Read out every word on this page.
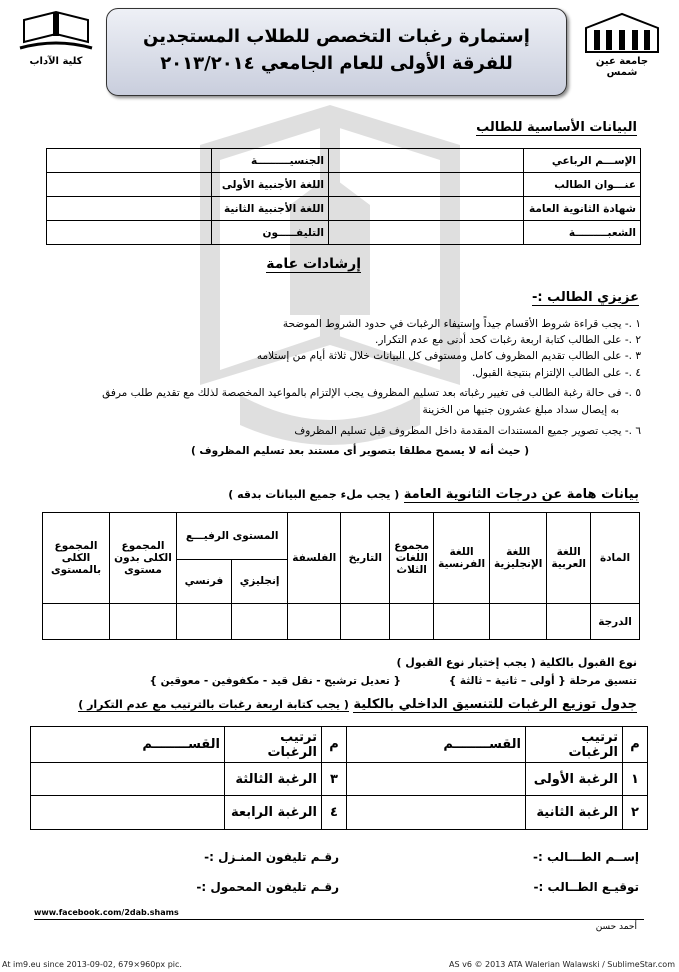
كلية الآداب	جامعة عين شمس
إستمارة رغبات التخصص للطلاب المستجدين
للفرقة الأولى للعام الجامعي ٢٠١٣/٢٠١٤
البيانات الأساسية للطالب
الإســـم الرباعي		الجنسيـــــــــة	
عنـــوان الطالب		اللغة الأجنبية الأولى	
شهادة الثانوية العامة		اللغة الأجنبية الثانية	
الشعبـــــــــة		التليفـــــون	
إرشادات عامة
عزيزي الطالب :-
١ .- يجب قراءة شروط الأقسام جيداً وإستيفاء الرغبات في حدود الشروط الموضحة
٢ .- على الطالب كتابة اربعة رغبات كحد أدنى مع عدم التكرار.
٣ .- على الطالب تقديم المظروف كامل ومستوفى كل البيانات خلال ثلاثة أيام من إستلامه
٤ .- على الطالب الإلتزام بنتيجة القبول.
٥ .- فى حالة رغبة الطالب فى تغيير رغباته بعد تسليم المظروف يجب الإلتزام بالمواعيد المخصصة لذلك مع تقديم طلب مرفق
به إيصال سداد مبلغ عشرون جنيها من الخزينة
٦ .- يجب تصوير جميع المستندات المقدمة داخل المظروف قبل تسليم المظروف
( حيث أنه لا يسمح مطلقا بتصوير أى مستند بعد تسليم المظروف )
بيانات هامة عن درجات الثانوية العامة ( يجب ملء جميع البيانات بدقه )
المادة	اللغة العربية	اللغة الإنجليزية	اللغة الفرنسية	مجموع اللغات الثلاث	التاريخ	الفلسفة	المستوى الرفيـــع		المجموع الكلى بدون مستوى	المجموع الكلى بالمستوى
							إنجليزي	فرنسي		
الدرجة										
نوع القبول بالكلية ( يجب إختيار نوع القبول )
تنسيق مرحلة { أولى – ثانية – ثالثة }
{ تعديل ترشيح - نقل قيد - مكفوفين - معوقين }
جدول توزيع الرغبات للتنسيق الداخلي بالكلية ( يجب كتابة اربعة رغبات بالترتيب مع عدم التكرار )
م	ترتيب الرغبات	القســــــــم	م	ترتيب الرغبات	القســــــــم
١	الرغبة الأولى		٣	الرغبة الثالثة	
٢	الرغبة الثانية		٤	الرغبة الرابعة	
إســم الطـــالب :-
توقيـع الطــالب :-
رقـم تليفون المنـزل :-
رقـم تليفون المحمول :-
www.facebook.com/2dab.shams
أحمد حسن
At im9.eu since 2013-09-02, 679×960px pic.	AS v6 © 2013 ATA Walerian Walawski / SublimeStar.com
